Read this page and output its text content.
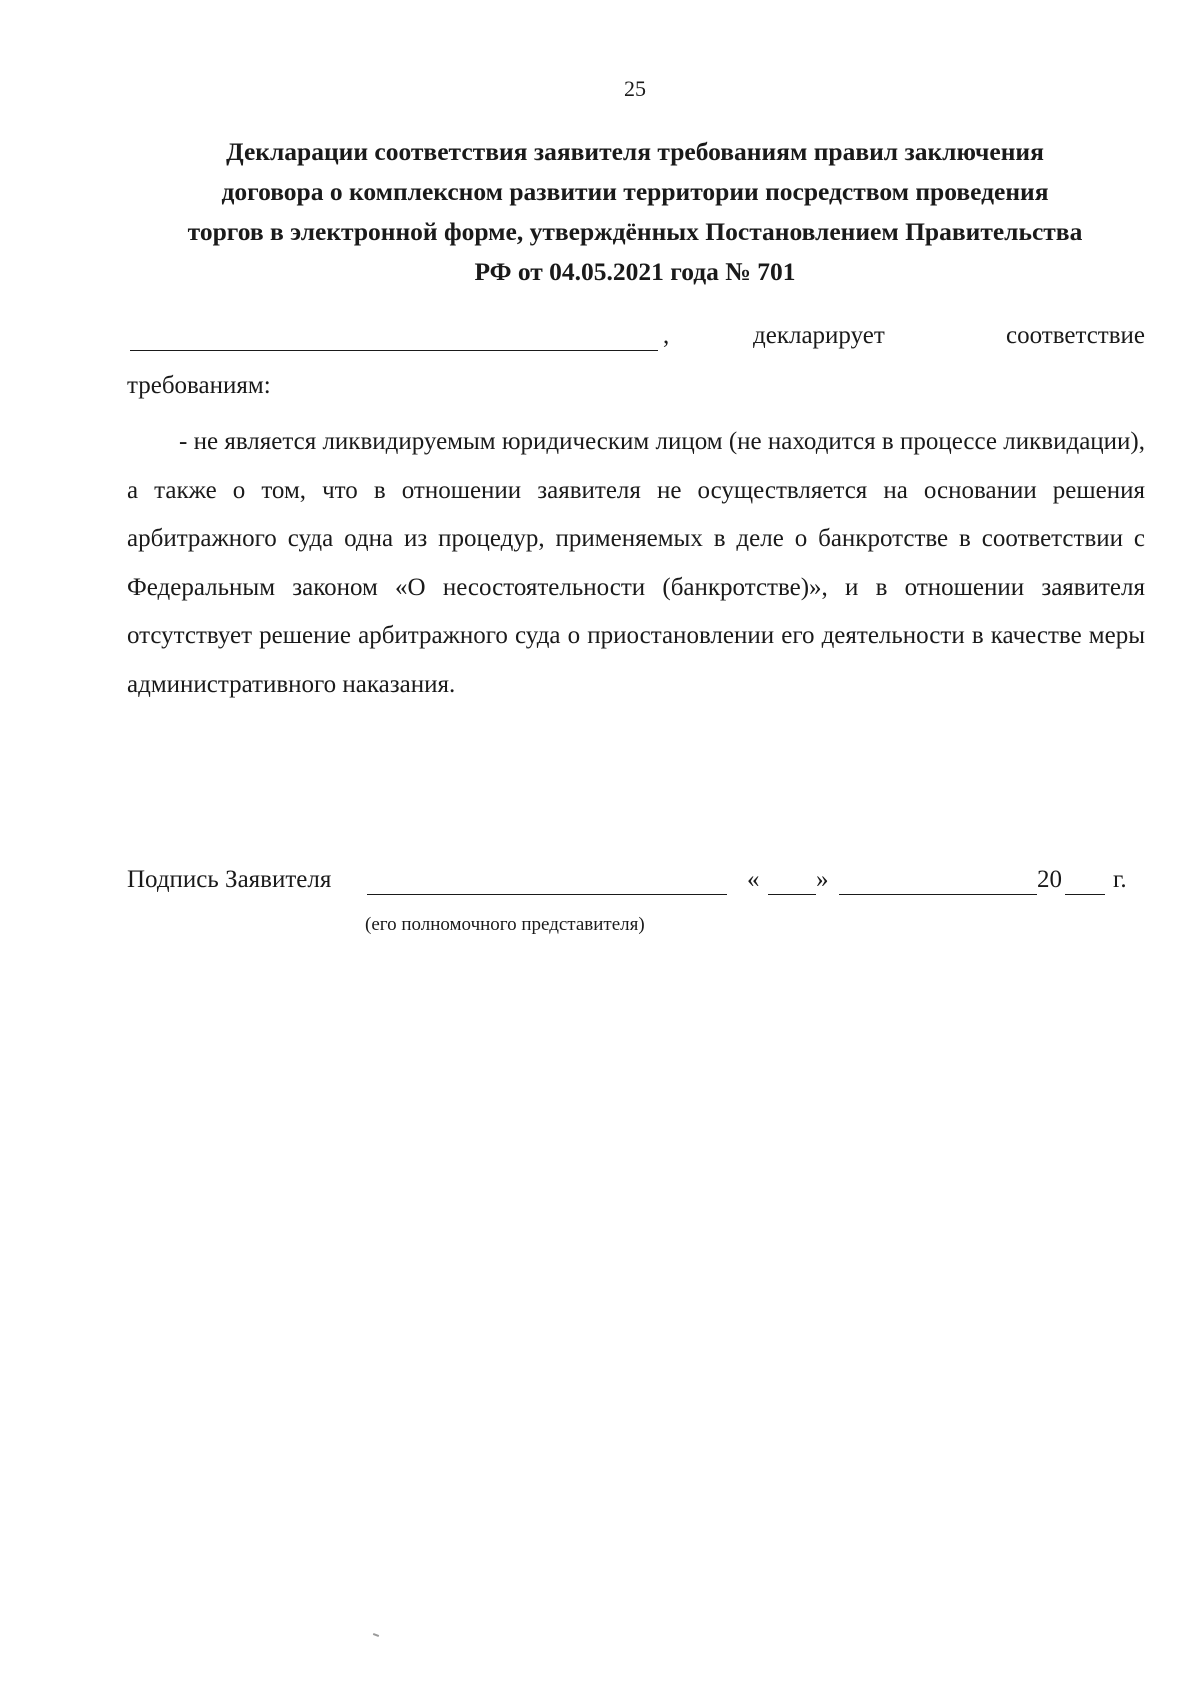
25
Декларации соответствия заявителя требованиям правил заключения
договора о комплексном развитии территории посредством проведения
торгов в электронной форме, утверждённых Постановлением Правительства
РФ от 04.05.2021 года № 701
,	декларирует	соответствие
требованиям:

- не является ликвидируемым юридическим лицом (не находится в процессе ликвидации), а также о том, что в отношении заявителя не осуществляется на основании решения арбитражного суда одна из процедур, применяемых в деле о банкротстве в соответствии с Федеральным законом «О несостоятельности (банкротстве)», и в отношении заявителя отсутствует решение арбитражного суда о приостановлении его деятельности в качестве меры административного наказания.

Подпись Заявителя	« »	20 г.
(его полномочного представителя)
